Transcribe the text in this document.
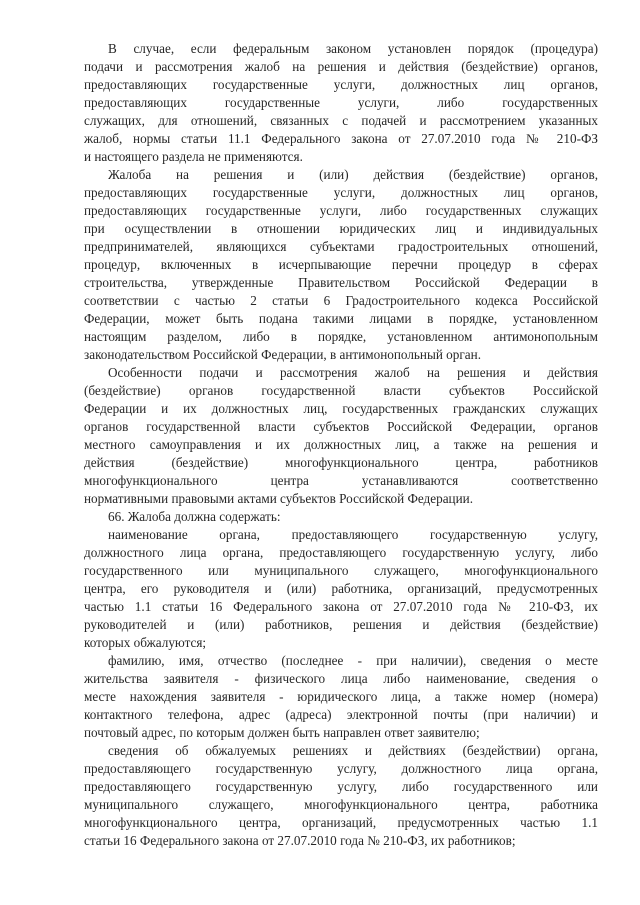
В случае, если федеральным законом установлен порядок (процедура)
подачи и рассмотрения жалоб на решения и действия (бездействие) органов,
предоставляющих государственные услуги, должностных лиц органов,
предоставляющих государственные услуги, либо государственных
служащих, для отношений, связанных с подачей и рассмотрением указанных
жалоб, нормы статьи 11.1 Федерального закона от 27.07.2010 года № 210-ФЗ
и настоящего раздела не применяются.
Жалоба на решения и (или) действия (бездействие) органов,
предоставляющих государственные услуги, должностных лиц органов,
предоставляющих государственные услуги, либо государственных служащих
при осуществлении в отношении юридических лиц и индивидуальных
предпринимателей, являющихся субъектами градостроительных отношений,
процедур, включенных в исчерпывающие перечни процедур в сферах
строительства, утвержденные Правительством Российской Федерации в
соответствии с частью 2 статьи 6 Градостроительного кодекса Российской
Федерации, может быть подана такими лицами в порядке, установленном
настоящим разделом, либо в порядке, установленном антимонопольным
законодательством Российской Федерации, в антимонопольный орган.
Особенности подачи и рассмотрения жалоб на решения и действия
(бездействие) органов государственной власти субъектов Российской
Федерации и их должностных лиц, государственных гражданских служащих
органов государственной власти субъектов Российской Федерации, органов
местного самоуправления и их должностных лиц, а также на решения и
действия (бездействие) многофункционального центра, работников
многофункционального центра устанавливаются соответственно
нормативными правовыми актами субъектов Российской Федерации.
66. Жалоба должна содержать:
наименование органа, предоставляющего государственную услугу,
должностного лица органа, предоставляющего государственную услугу, либо
государственного или муниципального служащего, многофункционального
центра, его руководителя и (или) работника, организаций, предусмотренных
частью 1.1 статьи 16 Федерального закона от 27.07.2010 года № 210-ФЗ, их
руководителей и (или) работников, решения и действия (бездействие)
которых обжалуются;
фамилию, имя, отчество (последнее - при наличии), сведения о месте
жительства заявителя - физического лица либо наименование, сведения о
месте нахождения заявителя - юридического лица, а также номер (номера)
контактного телефона, адрес (адреса) электронной почты (при наличии) и
почтовый адрес, по которым должен быть направлен ответ заявителю;
сведения об обжалуемых решениях и действиях (бездействии) органа,
предоставляющего государственную услугу, должностного лица органа,
предоставляющего государственную услугу, либо государственного или
муниципального служащего, многофункционального центра, работника
многофункционального центра, организаций, предусмотренных частью 1.1
статьи 16 Федерального закона от 27.07.2010 года № 210-ФЗ, их работников;
